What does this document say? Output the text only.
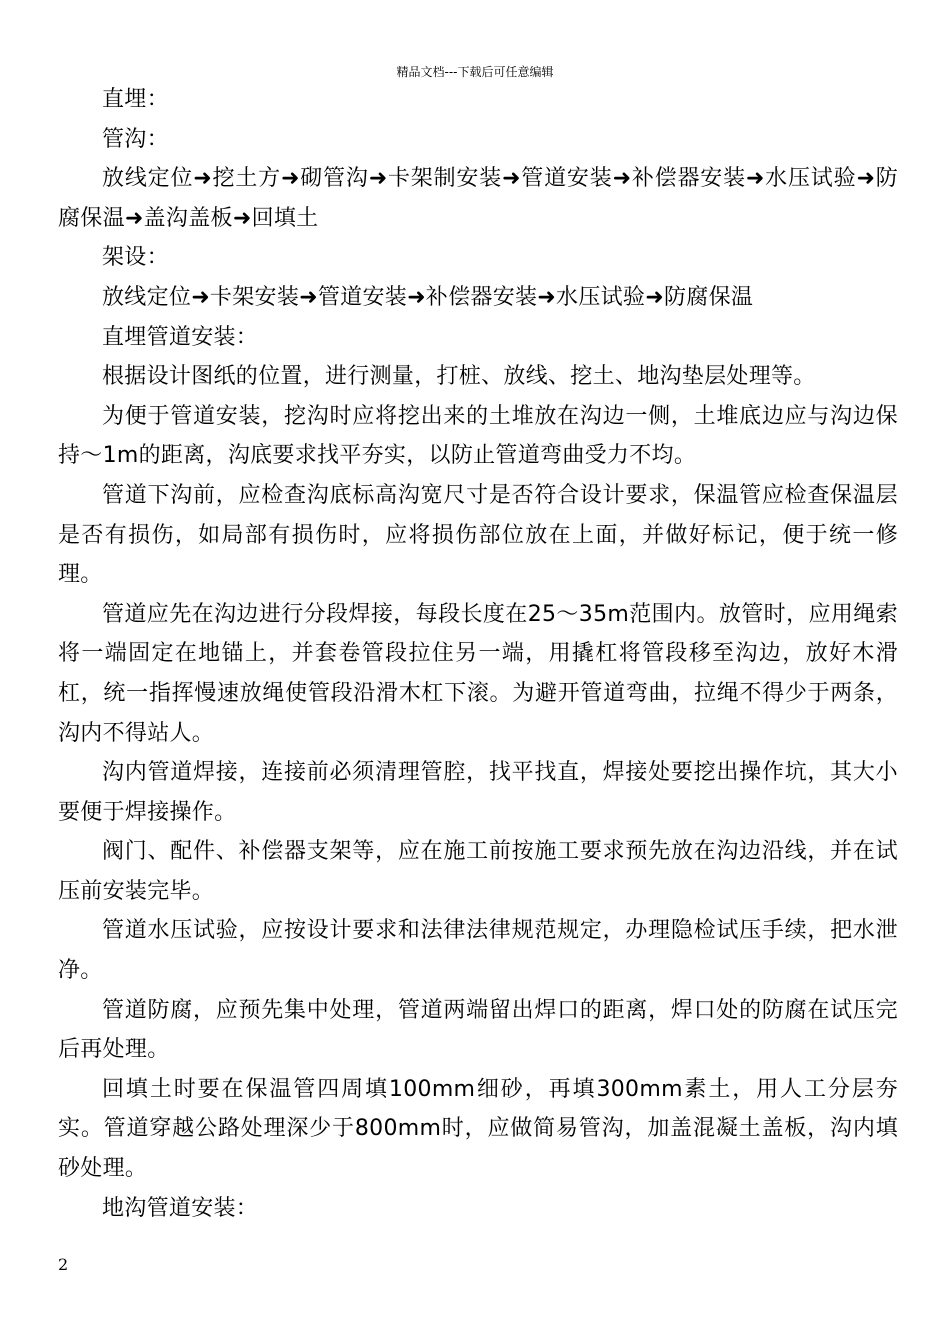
精品文档---下载后可任意编辑

直埋：

管沟：

放线定位➜挖土方➜砌管沟➜卡架制安装➜管道安装➜补偿器安装➜水压试验➜防腐保温➜盖沟盖板➜回填土

架设：

放线定位➜卡架安装➜管道安装➜补偿器安装➜水压试验➜防腐保温

直埋管道安装：

根据设计图纸的位置，进行测量，打桩、放线、挖土、地沟垫层处理等。

为便于管道安装，挖沟时应将挖出来的土堆放在沟边一侧，土堆底边应与沟边保持～1m的距离，沟底要求找平夯实，以防止管道弯曲受力不均。

管道下沟前，应检查沟底标高沟宽尺寸是否符合设计要求，保温管应检查保温层是否有损伤，如局部有损伤时，应将损伤部位放在上面，并做好标记，便于统一修理。

管道应先在沟边进行分段焊接，每段长度在25～35m范围内。放管时，应用绳索将一端固定在地锚上，并套卷管段拉住另一端，用撬杠将管段移至沟边，放好木滑杠，统一指挥慢速放绳使管段沿滑木杠下滚。为避开管道弯曲，拉绳不得少于两条，沟内不得站人。

沟内管道焊接，连接前必须清理管腔，找平找直，焊接处要挖出操作坑，其大小要便于焊接操作。

阀门、配件、补偿器支架等，应在施工前按施工要求预先放在沟边沿线，并在试压前安装完毕。

管道水压试验，应按设计要求和法律法律规范规定，办理隐检试压手续，把水泄净。

管道防腐，应预先集中处理，管道两端留出焊口的距离，焊口处的防腐在试压完后再处理。

回填土时要在保温管四周填100mm细砂，再填300mm素土，用人工分层夯实。管道穿越公路处理深少于800mm时，应做简易管沟，加盖混凝土盖板，沟内填砂处理。

地沟管道安装：

2
